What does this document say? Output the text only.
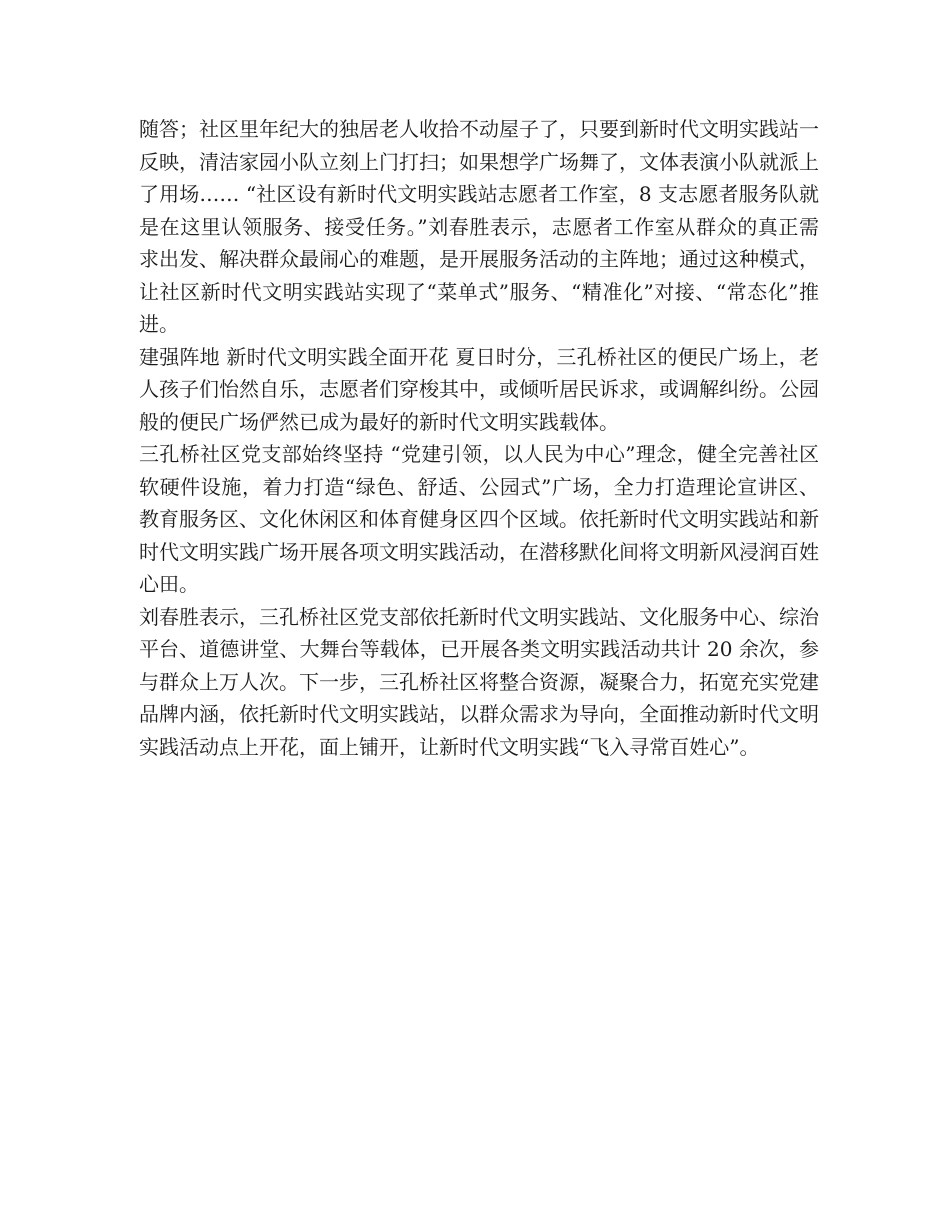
随答；社区里年纪大的独居老人收拾不动屋子了，只要到新时代文明实践站一反映，清洁家园小队立刻上门打扫；如果想学广场舞了，文体表演小队就派上了用场…… “社区设有新时代文明实践站志愿者工作室，8 支志愿者服务队就是在这里认领服务、接受任务。”刘春胜表示，志愿者工作室从群众的真正需求出发、解决群众最闹心的难题，是开展服务活动的主阵地；通过这种模式，让社区新时代文明实践站实现了“菜单式”服务、“精准化”对接、“常态化”推进。

建强阵地 新时代文明实践全面开花 夏日时分，三孔桥社区的便民广场上，老人孩子们怡然自乐，志愿者们穿梭其中，或倾听居民诉求，或调解纠纷。公园般的便民广场俨然已成为最好的新时代文明实践载体。

三孔桥社区党支部始终坚持 “党建引领，以人民为中心”理念，健全完善社区软硬件设施，着力打造“绿色、舒适、公园式”广场，全力打造理论宣讲区、教育服务区、文化休闲区和体育健身区四个区域。依托新时代文明实践站和新时代文明实践广场开展各项文明实践活动，在潜移默化间将文明新风浸润百姓心田。

刘春胜表示，三孔桥社区党支部依托新时代文明实践站、文化服务中心、综治平台、道德讲堂、大舞台等载体，已开展各类文明实践活动共计 20 余次，参与群众上万人次。下一步，三孔桥社区将整合资源，凝聚合力，拓宽充实党建品牌内涵，依托新时代文明实践站，以群众需求为导向，全面推动新时代文明实践活动点上开花，面上铺开，让新时代文明实践“飞入寻常百姓心”。
